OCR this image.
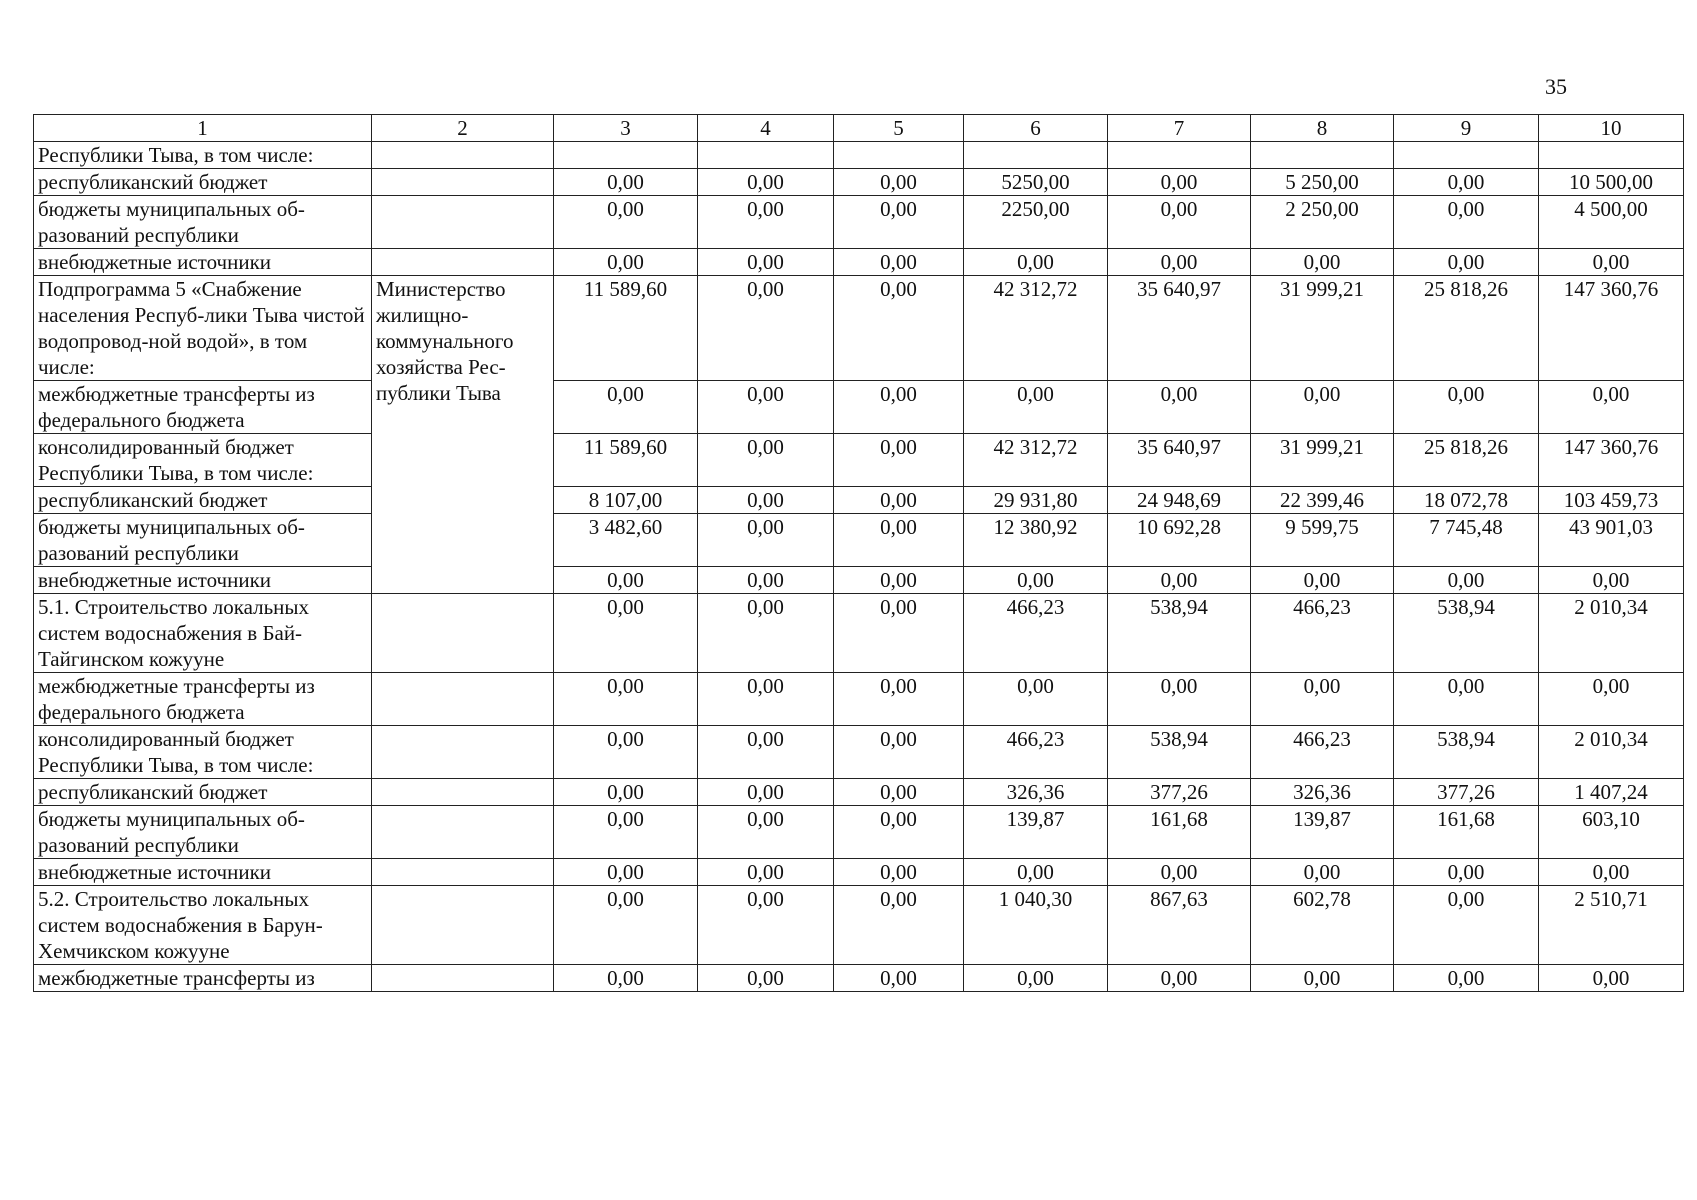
35
1	2	3	4	5	6	7	8	9	10
Республики Тыва, в том числе:									
республиканский бюджет		0,00	0,00	0,00	5250,00	0,00	5 250,00	0,00	10 500,00
бюджеты муниципальных об-разований республики		0,00	0,00	0,00	2250,00	0,00	2 250,00	0,00	4 500,00
внебюджетные источники		0,00	0,00	0,00	0,00	0,00	0,00	0,00	0,00
Подпрограмма 5 «Снабжение населения Респуб-лики Тыва чистой водопровод-ной водой», в том числе:	Министерство жилищно-коммунального хозяйства Рес-публики Тыва	11 589,60	0,00	0,00	42 312,72	35 640,97	31 999,21	25 818,26	147 360,76
межбюджетные трансферты из федерального бюджета		0,00	0,00	0,00	0,00	0,00	0,00	0,00	0,00
консолидированный бюджет Республики Тыва, в том числе:		11 589,60	0,00	0,00	42 312,72	35 640,97	31 999,21	25 818,26	147 360,76
республиканский бюджет		8 107,00	0,00	0,00	29 931,80	24 948,69	22 399,46	18 072,78	103 459,73
бюджеты муниципальных об-разований республики		3 482,60	0,00	0,00	12 380,92	10 692,28	9 599,75	7 745,48	43 901,03
внебюджетные источники		0,00	0,00	0,00	0,00	0,00	0,00	0,00	0,00
5.1. Строительство локальных систем водоснабжения в Бай-Тайгинском кожууне		0,00	0,00	0,00	466,23	538,94	466,23	538,94	2 010,34
межбюджетные трансферты из федерального бюджета		0,00	0,00	0,00	0,00	0,00	0,00	0,00	0,00
консолидированный бюджет Республики Тыва, в том числе:		0,00	0,00	0,00	466,23	538,94	466,23	538,94	2 010,34
республиканский бюджет		0,00	0,00	0,00	326,36	377,26	326,36	377,26	1 407,24
бюджеты муниципальных об-разований республики		0,00	0,00	0,00	139,87	161,68	139,87	161,68	603,10
внебюджетные источники		0,00	0,00	0,00	0,00	0,00	0,00	0,00	0,00
5.2. Строительство локальных систем водоснабжения в Барун-Хемчикском кожууне		0,00	0,00	0,00	1 040,30	867,63	602,78	0,00	2 510,71
межбюджетные трансферты из		0,00	0,00	0,00	0,00	0,00	0,00	0,00	0,00
